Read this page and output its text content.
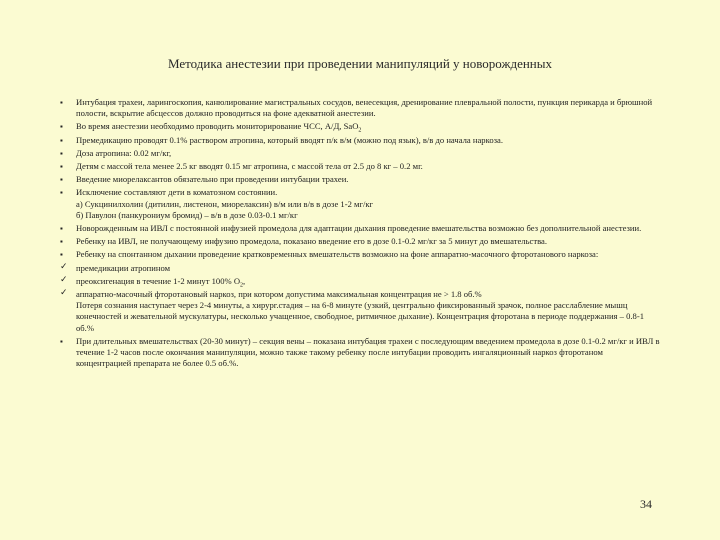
Методика анестезии при проведении манипуляций у новорожденных
▪	Интубация трахеи, ларингоскопия, канюлирование магистральных сосудов, венесекция, дренирование плевральной полости, пункция перикарда и брюшной полости, вскрытие абсцессов должно проводиться на фоне адекватной анестезии.
▪	Во время анестезии необходимо проводить мониторирование ЧСС, А/Д, SaO$_2$
▪	Премедикацию проводят 0.1% раствором атропина, который вводят п/к в/м (можно под язык), в/в до начала наркоза.
▪	Доза атропина: 0.02 мг/кг,
▪	Детям с массой тела менее 2.5 кг вводят 0.15 мг атропина, с массой тела от 2.5 до 8 кг – 0.2 мг.
▪	Введение миорелаксантов обязательно при проведении интубации трахеи.
▪	Исключение составляют дети в коматозном состоянии.
а) Сукцинилхолин (дитилин, листенон, миорелаксин) в/м или в/в в дозе 1-2 мг/кг
б) Павулон (панкурониум бромид) – в/в в дозе 0.03-0.1 мг/кг
▪	Новорожденным на ИВЛ с постоянной инфузией промедола для адаптации дыхания проведение вмешательства возможно без дополнительной анестезии.
▪	Ребенку на ИВЛ, не получающему инфузию промедола, показано введение его в дозе 0.1-0.2 мг/кг за 5 минут до вмешательства.
▪	Ребенку на спонтанном дыхании проведение кратковременных вмешательств возможно на фоне аппаратно-масочного фторотанового наркоза:
✓ премедикации атропином
✓ преоксигенация в течение 1-2 минут 100% $O_2$,
✓ аппаратно-масочный фторотановый наркоз, при котором допустима максимальная концентрация не > 1.8 об.%
Потеря сознания наступает через 2-4 минуты, а хирург.стадия – на 6-8 минуте (узкий, центрально фиксированный зрачок, полное расслабление мышц конечностей и жевательной мускулатуры, несколько учащенное, свободное, ритмичное дыхание). Концентрация фторотана в периоде поддержания – 0.8-1 об.%
▪	При длительных вмешательствах (20-30 минут) – секция вены – показана интубация трахеи с последующим введением промедола в дозе 0.1-0.2 мг/кг и ИВЛ в течение 1-2 часов после окончания манипуляции, можно также такому ребенку после интубации проводить ингаляционный наркоз фторотаном концентрацией препарата не более 0.5 об.%.
34
